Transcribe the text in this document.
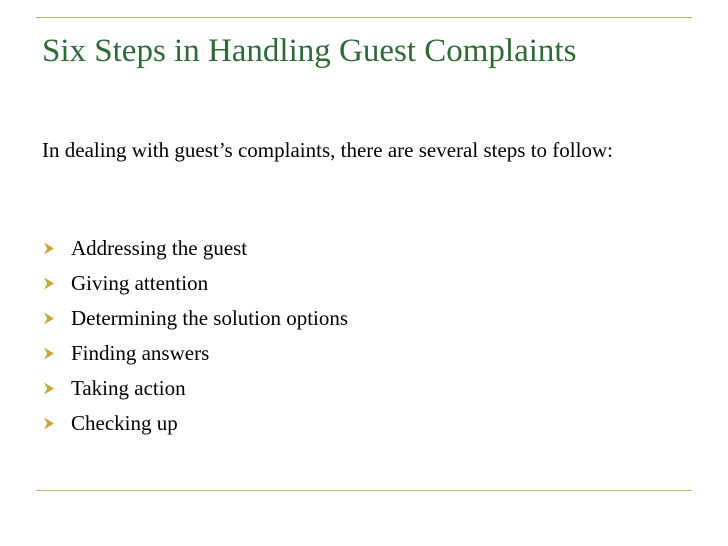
Six Steps in Handling Guest Complaints
In dealing with guest’s complaints, there are several steps to follow:
Addressing the guest
Giving attention
Determining the solution options
Finding answers
Taking action
Checking up
